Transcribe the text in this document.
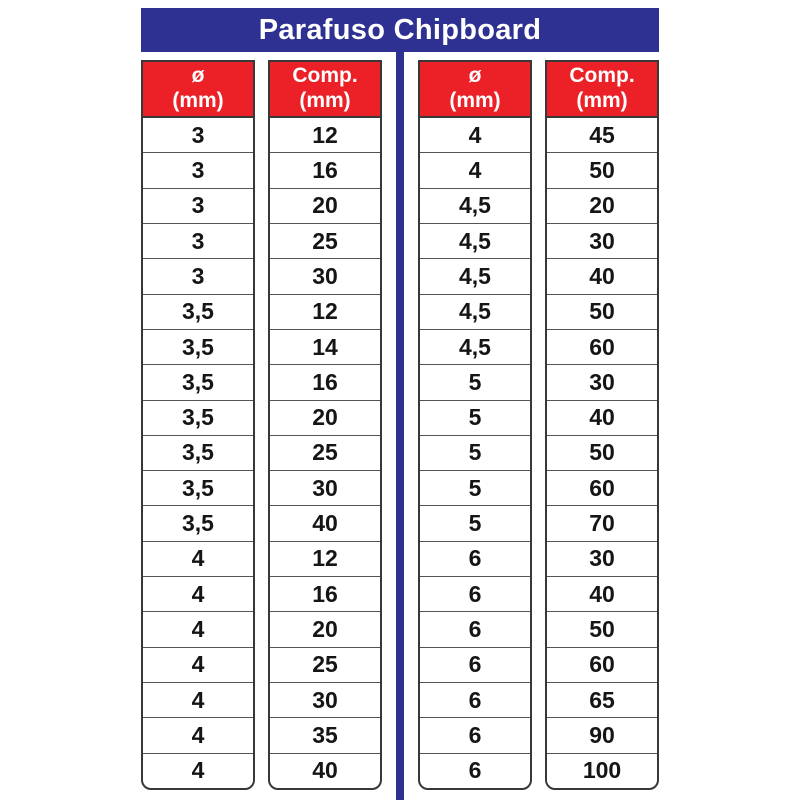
Parafuso Chipboard
ø
(mm)
3
3
3
3
3
3,5
3,5
3,5
3,5
3,5
3,5
3,5
4
4
4
4
4
4
4
Comp.
(mm)
12
16
20
25
30
12
14
16
20
25
30
40
12
16
20
25
30
35
40
ø
(mm)
4
4
4,5
4,5
4,5
4,5
4,5
5
5
5
5
5
6
6
6
6
6
6
6
Comp.
(mm)
45
50
20
30
40
50
60
30
40
50
60
70
30
40
50
60
65
90
100
